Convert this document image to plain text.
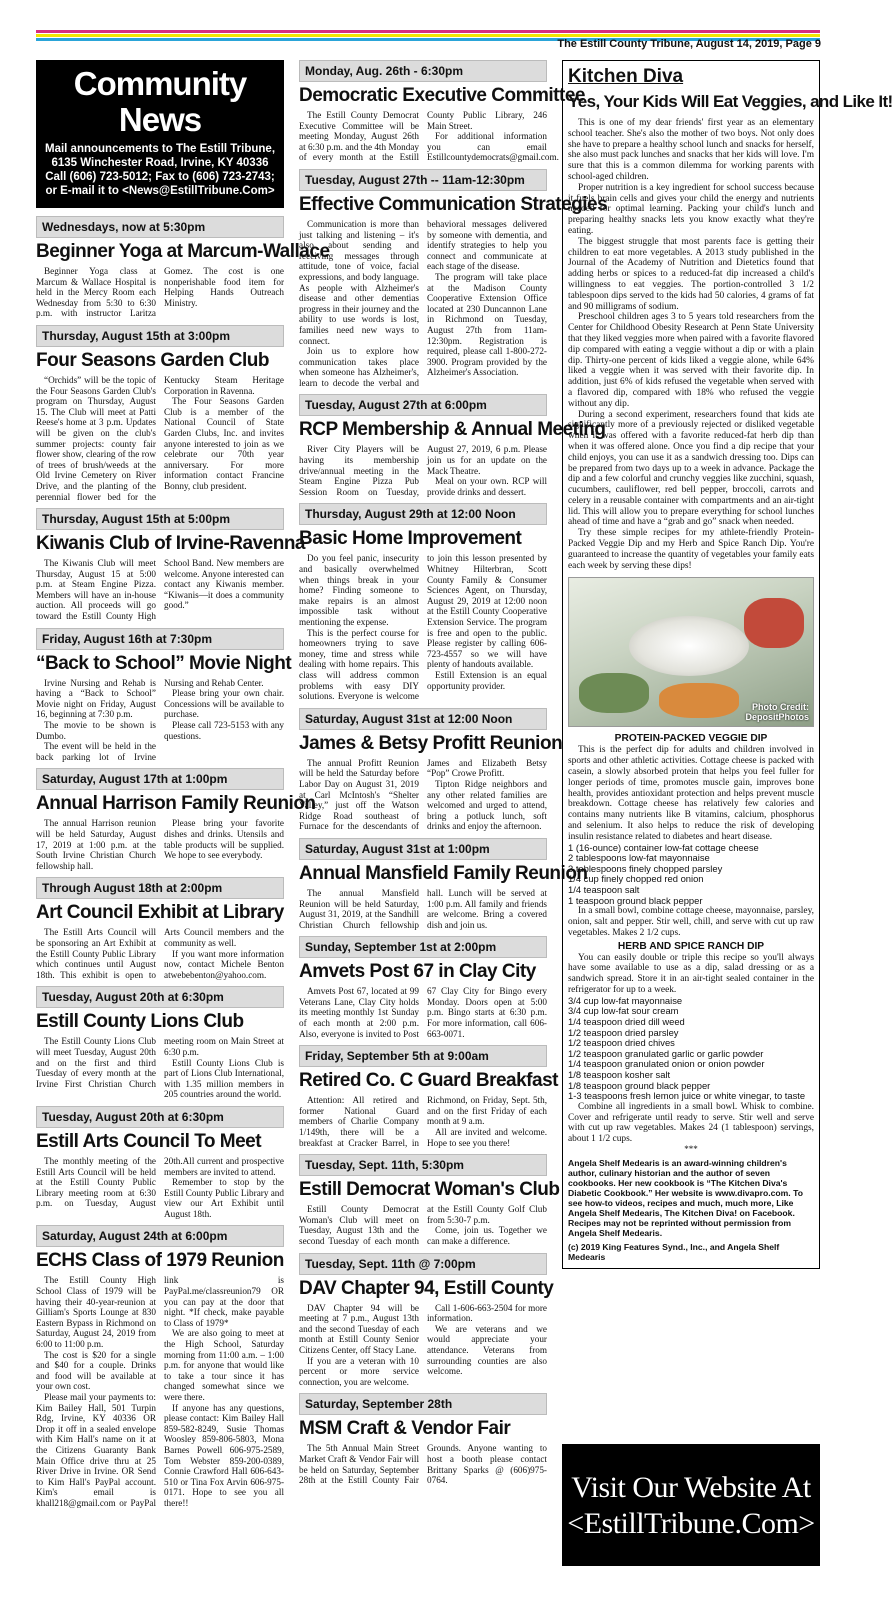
The Estill County Tribune, August 14, 2019, Page 9
Community News
Mail announcements to The Estill Tribune,
6135 Winchester Road, Irvine, KY 40336
Call (606) 723-5012; Fax to (606) 723-2743;
or E-mail it to <News@EstillTribune.Com>
Wednesdays, now at 5:30pm
Beginner Yoga at Marcum-Wallace

Beginner Yoga class at Marcum & Wallace Hospital is held in the Mercy Room each Wednesday from 5:30 to 6:30 p.m. with instructor Laritza Gomez. The cost is one nonperishable food item for Helping Hands Outreach Ministry.

Thursday, August 15th at 3:00pm
Four Seasons Garden Club

“Orchids” will be the topic of the Four Seasons Garden Club's program on Thursday, August 15. The Club will meet at Patti Reese's home at 3 p.m. Updates will be given on the club's summer projects: county fair flower show, clearing of the row of trees of brush/weeds at the Old Irvine Cemetery on River Drive, and the planting of the perennial flower bed for the Kentucky Steam Heritage Corporation in Ravenna.

The Four Seasons Garden Club is a member of the National Council of State Garden Clubs, Inc. and invites anyone interested to join as we celebrate our 70th year anniversary. For more information contact Francine Bonny, club president.

Thursday, August 15th at 5:00pm
Kiwanis Club of Irvine-Ravenna

The Kiwanis Club will meet Thursday, August 15 at 5:00 p.m. at Steam Engine Pizza. Members will have an in-house auction. All proceeds will go toward the Estill County High School Band. New members are welcome. Anyone interested can contact any Kiwanis member. “Kiwanis—it does a community good.”

Friday, August 16th at 7:30pm
“Back to School” Movie Night

Irvine Nursing and Rehab is having a “Back to School” Movie night on Friday, August 16, beginning at 7:30 p.m.

The movie to be shown is Dumbo.

The event will be held in the back parking lot of Irvine Nursing and Rehab Center.

Please bring your own chair. Concessions will be available to purchase.

Please call 723-5153 with any questions.

Saturday, August 17th at 1:00pm
Annual Harrison Family Reunion

The annual Harrison reunion will be held Saturday, August 17, 2019 at 1:00 p.m. at the South Irvine Christian Church fellowship hall.

Please bring your favorite dishes and drinks. Utensils and table products will be supplied. We hope to see everybody.

Through August 18th at 2:00pm
Art Council Exhibit at Library

The Estill Arts Council will be sponsoring an Art Exhibit at the Estill County Public Library which continues until August 18th. This exhibit is open to Arts Council members and the community as well.

If you want more information now, contact Michele Benton atwebebenton@yahoo.com.

Tuesday, August 20th at 6:30pm
Estill County Lions Club

The Estill County Lions Club will meet Tuesday, August 20th and on the first and third Tuesday of every month at the Irvine First Christian Church meeting room on Main Street at 6:30 p.m.

Estill County Lions Club is part of Lions Club International, with 1.35 million members in 205 countries around the world.

Tuesday, August 20th at 6:30pm
Estill Arts Council To Meet

The monthly meeting of the Estill Arts Council will be held at the Estill County Public Library meeting room at 6:30 p.m. on Tuesday, August 20th.All current and prospective members are invited to attend.

Remember to stop by the Estill County Public Library and view our Art Exhibit until August 18th.

Saturday, August 24th at 6:00pm
ECHS Class of 1979 Reunion

The Estill County High School Class of 1979 will be having their 40-year-reunion at Gilliam's Sports Lounge at 830 Eastern Bypass in Richmond on Saturday, August 24, 2019 from 6:00 to 11:00 p.m.

The cost is $20 for a single and $40 for a couple. Drinks and food will be available at your own cost.

Please mail your payments to: Kim Bailey Hall, 501 Turpin Rdg, Irvine, KY 40336 OR Drop it off in a sealed envelope with Kim Hall's name on it at the Citizens Guaranty Bank Main Office drive thru at 25 River Drive in Irvine. OR Send to Kim Hall's PayPal account. Kim's email is khall218@gmail.com or PayPal link is PayPal.me/classreunion79 OR you can pay at the door that night. *If check, make payable to Class of 1979*

We are also going to meet at the High School, Saturday morning from 11:00 a.m. – 1:00 p.m. for anyone that would like to take a tour since it has changed somewhat since we were there.

If anyone has any questions, please contact: Kim Bailey Hall 859-582-8249, Susie Thomas Woosley 859-806-5803, Mona Barnes Powell 606-975-2589, Tom Webster 859-200-0389, Connie Crawford Hall 606-643-510 or Tina Fox Arvin 606-975-0171. Hope to see you all there!!

Monday, Aug. 26th - 6:30pm
Democratic Executive Committee

The Estill County Democrat Executive Committee will be meeting Monday, August 26th at 6:30 p.m. and the 4th Monday of every month at the Estill County Public Library, 246 Main Street.

For additional information you can email Estillcountydemocrats@gmail.com.

Tuesday, August 27th -- 11am-12:30pm
Effective Communication Strategies

Communication is more than just talking and listening – it's also about sending and receiving messages through attitude, tone of voice, facial expressions, and body language. As people with Alzheimer's disease and other dementias progress in their journey and the ability to use words is lost, families need new ways to connect.

Join us to explore how communication takes place when someone has Alzheimer's, learn to decode the verbal and behavioral messages delivered by someone with dementia, and identify strategies to help you connect and communicate at each stage of the disease.

The program will take place at the Madison County Cooperative Extension Office located at 230 Duncannon Lane in Richmond on Tuesday, August 27th from 11am-12:30pm. Registration is required, please call 1-800-272-3900. Program provided by the Alzheimer's Association.

Tuesday, August 27th at 6:00pm
RCP Membership & Annual Meeting

River City Players will be having its membership drive/annual meeting in the Steam Engine Pizza Pub Session Room on Tuesday, August 27, 2019, 6 p.m. Please join us for an update on the Mack Theatre.

Meal on your own. RCP will provide drinks and dessert.

Thursday, August 29th at 12:00 Noon
Basic Home Improvement

Do you feel panic, insecurity and basically overwhelmed when things break in your home? Finding someone to make repairs is an almost impossible task without mentioning the expense.

This is the perfect course for homeowners trying to save money, time and stress while dealing with home repairs. This class will address common problems with easy DIY solutions. Everyone is welcome to join this lesson presented by Whitney Hilterbran, Scott County Family & Consumer Sciences Agent, on Thursday, August 29, 2019 at 12:00 noon at the Estill County Cooperative Extension Service. The program is free and open to the public. Please register by calling 606-723-4557 so we will have plenty of handouts available.

Estill Extension is an equal opportunity provider.

Saturday, August 31st at 12:00 Noon
James & Betsy Profitt Reunion

The annual Profitt Reunion will be held the Saturday before Labor Day on August 31, 2019 at Carl McIntosh's “Shelter Valley,” just off the Watson Ridge Road southeast of Furnace for the descendants of James and Elizabeth Betsy “Pop” Crowe Profitt.

Tipton Ridge neighbors and any other related families are welcomed and urged to attend, bring a potluck lunch, soft drinks and enjoy the afternoon.

Saturday, August 31st at 1:00pm
Annual Mansfield Family Reunion

The annual Mansfield Reunion will be held Saturday, August 31, 2019, at the Sandhill Christian Church fellowship hall. Lunch will be served at 1:00 p.m. All family and friends are welcome. Bring a covered dish and join us.

Sunday, September 1st at 2:00pm
Amvets Post 67 in Clay City

Amvets Post 67, located at 99 Veterans Lane, Clay City holds its meeting monthly 1st Sunday of each month at 2:00 p.m. Also, everyone is invited to Post 67 Clay City for Bingo every Monday. Doors open at 5:00 p.m. Bingo starts at 6:30 p.m. For more information, call 606-663-0071.

Friday, September 5th at 9:00am
Retired Co. C Guard Breakfast

Attention: All retired and former National Guard members of Charlie Company 1/149th, there will be a breakfast at Cracker Barrel, in Richmond, on Friday, Sept. 5th, and on the first Friday of each month at 9 a.m.

All are invited and welcome. Hope to see you there!

Tuesday, Sept. 11th, 5:30pm
Estill Democrat Woman's Club

Estill County Democrat Woman's Club will meet on Tuesday, August 13th and the second Tuesday of each month at the Estill County Golf Club from 5:30-7 p.m.

Come, join us. Together we can make a difference.

Tuesday, Sept. 11th @ 7:00pm
DAV Chapter 94, Estill County

DAV Chapter 94 will be meeting at 7 p.m., August 13th and the second Tuesday of each month at Estill County Senior Citizens Center, off Stacy Lane.

If you are a veteran with 10 percent or more service connection, you are welcome.

Call 1-606-663-2504 for more information.

We are veterans and we would appreciate your attendance. Veterans from surrounding counties are also welcome.

Saturday, September 28th
MSM Craft & Vendor Fair

The 5th Annual Main Street Market Craft & Vendor Fair will be held on Saturday, September 28th at the Estill County Fair Grounds. Anyone wanting to host a booth please contact Brittany Sparks @ (606)975-0764.

Kitchen Diva
Yes, Your Kids Will Eat Veggies, and Like It!

This is one of my dear friends' first year as an elementary school teacher. She's also the mother of two boys. Not only does she have to prepare a healthy school lunch and snacks for herself, she also must pack lunches and snacks that her kids will love. I'm sure that this is a common dilemma for working parents with school-aged children.

Proper nutrition is a key ingredient for school success because it fuels brain cells and gives your child the energy and nutrients needed for optimal learning. Packing your child's lunch and preparing healthy snacks lets you know exactly what they're eating.

The biggest struggle that most parents face is getting their children to eat more vegetables. A 2013 study published in the Journal of the Academy of Nutrition and Dietetics found that adding herbs or spices to a reduced-fat dip increased a child's willingness to eat veggies. The portion-controlled 3 1/2 tablespoon dips served to the kids had 50 calories, 4 grams of fat and 90 milligrams of sodium.

Preschool children ages 3 to 5 years told researchers from the Center for Childhood Obesity Research at Penn State University that they liked veggies more when paired with a favorite flavored dip compared with eating a veggie without a dip or with a plain dip. Thirty-one percent of kids liked a veggie alone, while 64% liked a veggie when it was served with their favorite dip. In addition, just 6% of kids refused the vegetable when served with a flavored dip, compared with 18% who refused the veggie without any dip.

During a second experiment, researchers found that kids ate significantly more of a previously rejected or disliked vegetable when it was offered with a favorite reduced-fat herb dip than when it was offered alone. Once you find a dip recipe that your child enjoys, you can use it as a sandwich dressing too. Dips can be prepared from two days up to a week in advance. Package the dip and a few colorful and crunchy veggies like zucchini, squash, cucumbers, cauliflower, red bell pepper, broccoli, carrots and celery in a reusable container with compartments and an air-tight lid. This will allow you to prepare everything for school lunches ahead of time and have a “grab and go” snack when needed.

Try these simple recipes for my athlete-friendly Protein-Packed Veggie Dip and my Herb and Spice Ranch Dip. You're guaranteed to increase the quantity of vegetables your family eats each week by serving these dips!

Photo Credit:
DepositPhotos
PROTEIN-PACKED VEGGIE DIP

This is the perfect dip for adults and children involved in sports and other athletic activities. Cottage cheese is packed with casein, a slowly absorbed protein that helps you feel fuller for longer periods of time, promotes muscle gain, improves bone health, provides antioxidant protection and helps prevent muscle breakdown. Cottage cheese has relatively few calories and contains many nutrients like B vitamins, calcium, phosphorus and selenium. It also helps to reduce the risk of developing insulin resistance related to diabetes and heart disease.

1 (16-ounce) container low-fat cottage cheese
2 tablespoons low-fat mayonnaise
3 tablespoons finely chopped parsley
1/4 cup finely chopped red onion
1/4 teaspoon salt
1 teaspoon ground black pepper

In a small bowl, combine cottage cheese, mayonnaise, parsley, onion, salt and pepper. Stir well, chill, and serve with cut up raw vegetables. Makes 2 1/2 cups.

HERB AND SPICE RANCH DIP

You can easily double or triple this recipe so you'll always have some available to use as a dip, salad dressing or as a sandwich spread. Store it in an air-tight sealed container in the refrigerator for up to a week.

3/4 cup low-fat mayonnaise
3/4 cup low-fat sour cream
1/4 teaspoon dried dill weed
1/2 teaspoon dried parsley
1/2 teaspoon dried chives
1/2 teaspoon granulated garlic or garlic powder
1/4 teaspoon granulated onion or onion powder
1/8 teaspoon kosher salt
1/8 teaspoon ground black pepper
1-3 teaspoons fresh lemon juice or white vinegar, to taste

Combine all ingredients in a small bowl. Whisk to combine. Cover and refrigerate until ready to serve. Stir well and serve with cut up raw vegetables. Makes 24 (1 tablespoon) servings, about 1 1/2 cups.

***
Angela Shelf Medearis is an award-winning children's author, culinary historian and the author of seven cookbooks. Her new cookbook is “The Kitchen Diva's Diabetic Cookbook.” Her website is www.divapro.com. To see how-to videos, recipes and much, much more, Like Angela Shelf Medearis, The Kitchen Diva! on Facebook. Recipes may not be reprinted without permission from Angela Shelf Medearis.
(c) 2019 King Features Synd., Inc., and Angela Shelf Medearis
Visit Our Website At
<EstillTribune.Com>
